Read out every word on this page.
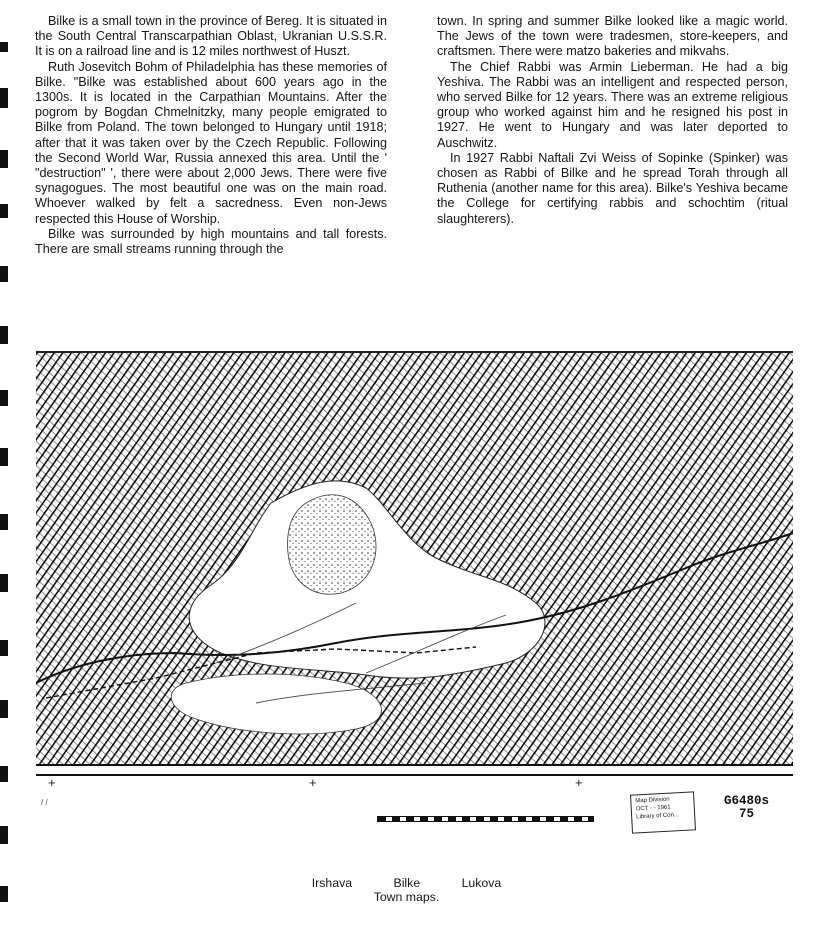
Bilke is a small town in the province of Bereg. It is situated in the South Central Transcarpathian Oblast, Ukranian U.S.S.R. It is on a railroad line and is 12 miles northwest of Huszt.

Ruth Josevitch Bohm of Philadelphia has these memories of Bilke. "Bilke was established about 600 years ago in the 1300s. It is located in the Carpathian Mountains. After the pogrom by Bogdan Chmelnitzky, many people emigrated to Bilke from Poland. The town belonged to Hungary until 1918; after that it was taken over by the Czech Republic. Following the Second World War, Russia annexed this area. Until the ' "destruction" ', there were about 2,000 Jews. There were five synagogues. The most beautiful one was on the main road. Whoever walked by felt a sacredness. Even non-Jews respected this House of Worship.

Bilke was surrounded by high mountains and tall forests. There are small streams running through the

town. In spring and summer Bilke looked like a magic world. The Jews of the town were tradesmen, store-keepers, and craftsmen. There were matzo bakeries and mikvahs.

The Chief Rabbi was Armin Lieberman. He had a big Yeshiva. The Rabbi was an intelligent and respected person, who served Bilke for 12 years. There was an extreme religious group who worked against him and he resigned his post in 1927. He went to Hungary and was later deported to Auschwitz.

In 1927 Rabbi Naftali Zvi Weiss of Sopinke (Spinker) was chosen as Rabbi of Bilke and he spread Torah through all Ruthenia (another name for this area). Bilke's Yeshiva became the College for certifying rabbis and schochtim (ritual slaughterers).

+	+	+
/ /	Map Division
OCT - - 1961
Library of Con...
G6480s
75
Irshava	Bilke	Lukova
Town maps.
